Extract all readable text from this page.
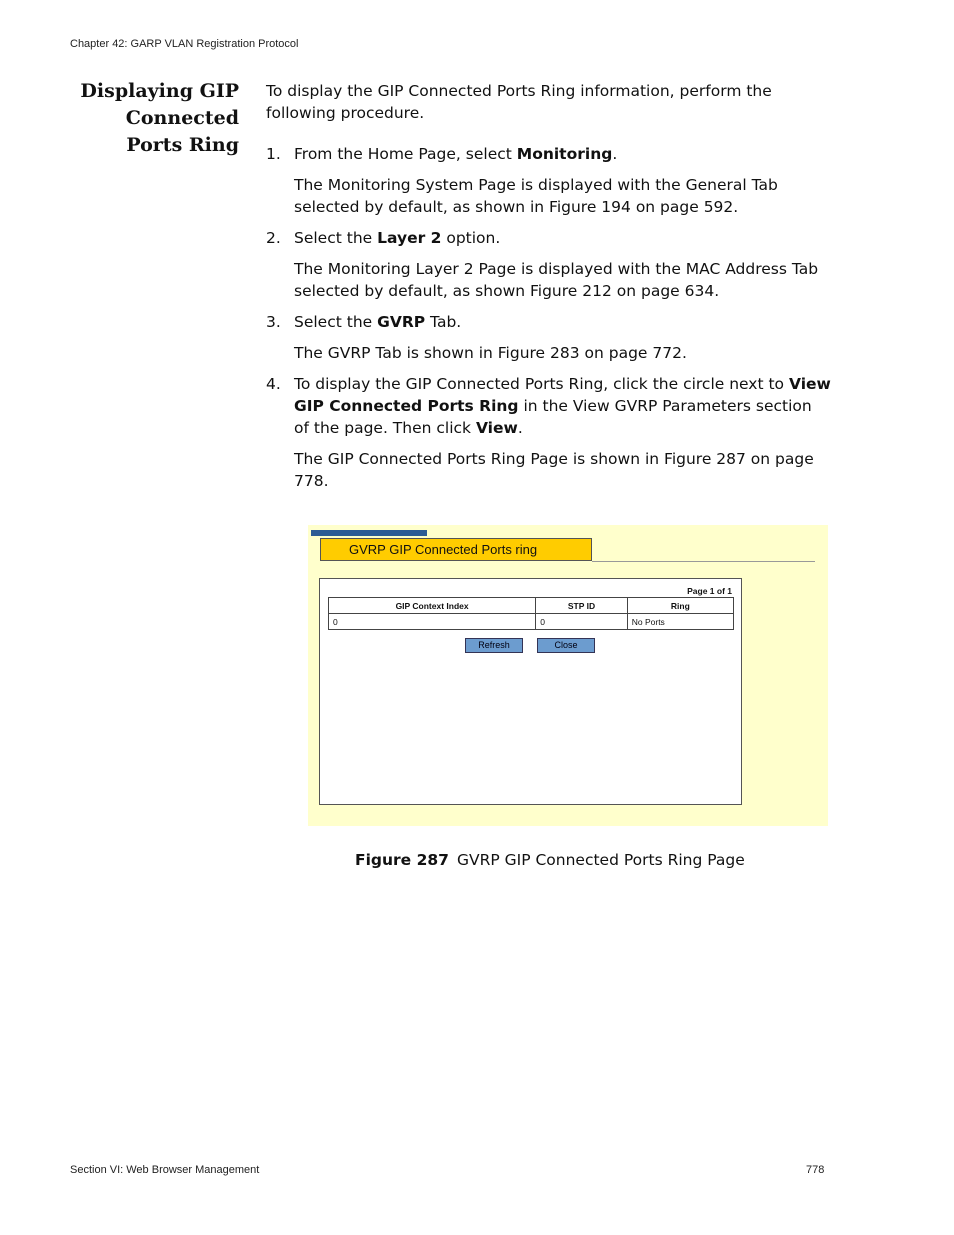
Chapter 42: GARP VLAN Registration Protocol
Displaying GIP
Connected
Ports Ring

To display the GIP Connected Ports Ring information, perform the following procedure.

1. From the Home Page, select Monitoring.

The Monitoring System Page is displayed with the General Tab selected by default, as shown in Figure 194 on page 592.

2. Select the Layer 2 option.

The Monitoring Layer 2 Page is displayed with the MAC Address Tab selected by default, as shown Figure 212 on page 634.

3. Select the GVRP Tab.

The GVRP Tab is shown in Figure 283 on page 772.

4. To display the GIP Connected Ports Ring, click the circle next to View GIP Connected Ports Ring in the View GVRP Parameters section of the page. Then click View.

The GIP Connected Ports Ring Page is shown in Figure 287 on page 778.

GVRP GIP Connected Ports ring
Page 1 of 1
GIP Context Index	STP ID	Ring
0	0	No Ports
Refresh	Close
Figure 287 GVRP GIP Connected Ports Ring Page
Section VI: Web Browser Management	778
